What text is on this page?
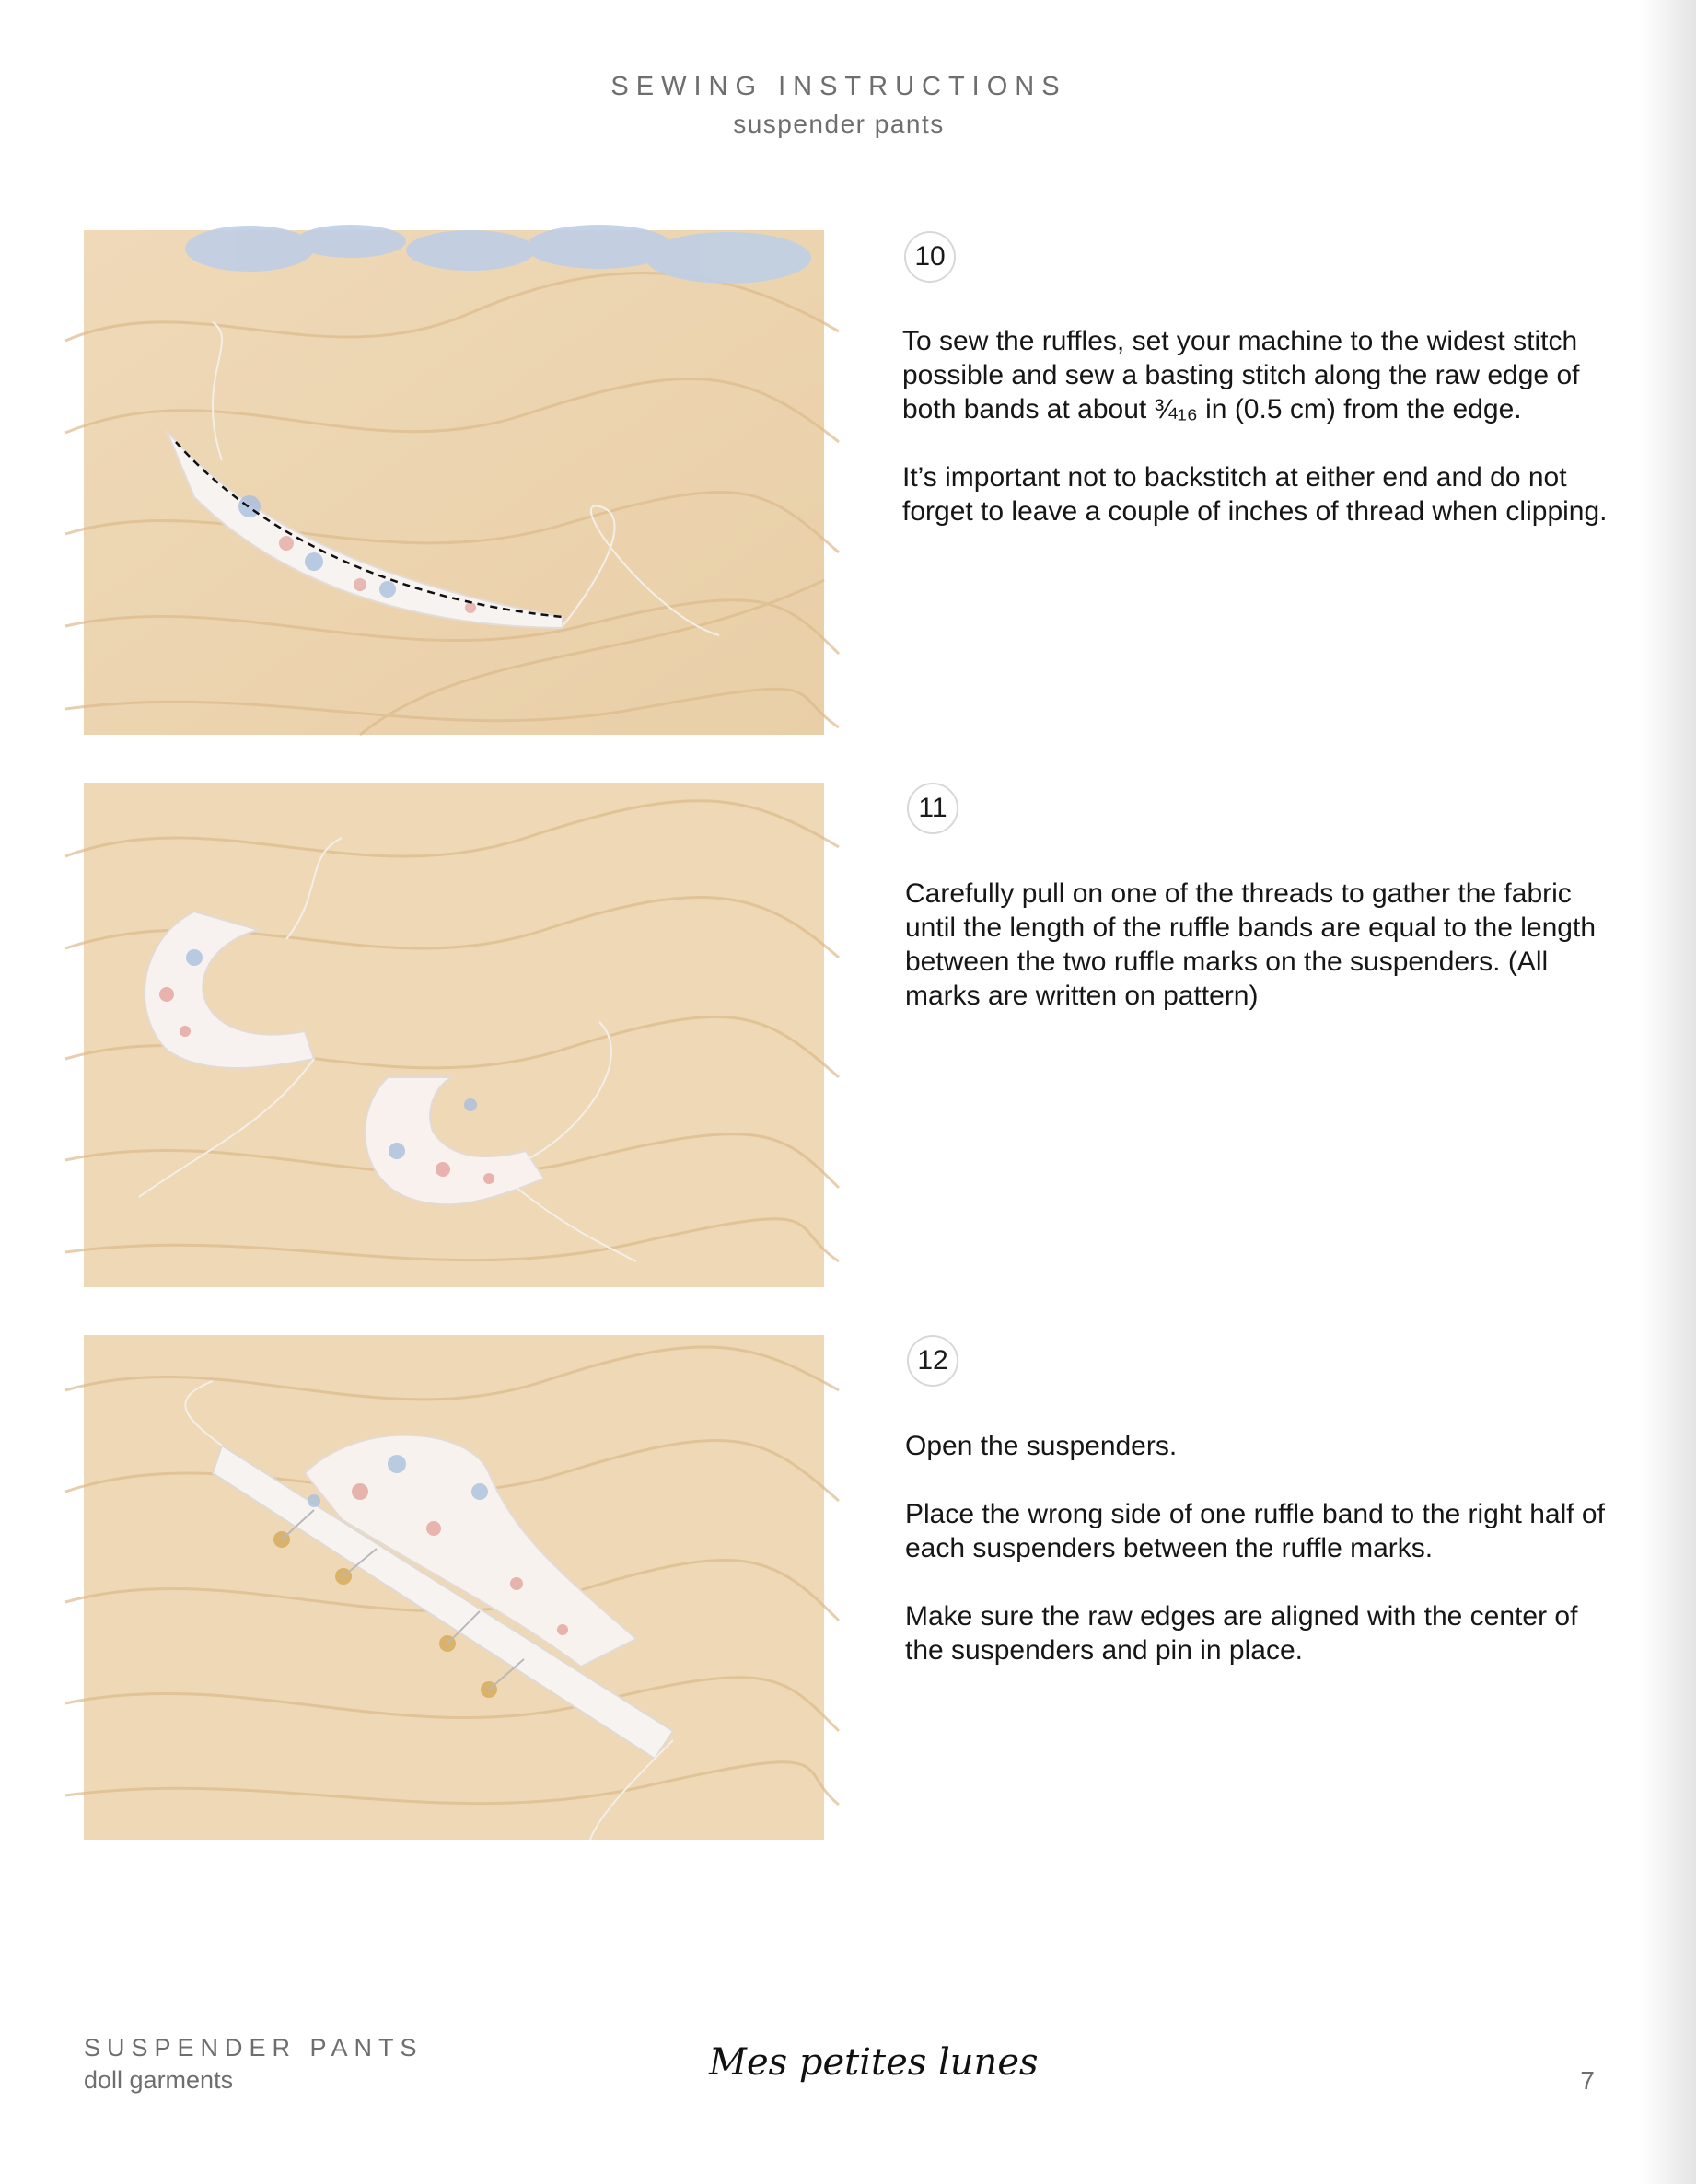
SEWING INSTRUCTIONS
suspender pants
10

To sew the ruffles, set your machine to the widest stitch possible and sew a basting stitch along the raw edge of both bands at about ¾₁₆ in (0.5 cm) from the edge.

It’s important not to backstitch at either end and do not forget to leave a couple of inches of thread when clipping.

11

Carefully pull on one of the threads to gather the fabric until the length of the ruffle bands are equal to the length between the two ruffle marks on the suspenders. (All marks are written on pattern)

12

Open the suspenders.

Place the wrong side of one ruffle band to the right half of each suspenders between the ruffle marks.

Make sure the raw edges are aligned with the center of the suspenders and pin in place.

SUSPENDER PANTS
doll garments	Mes petites lunes	7
